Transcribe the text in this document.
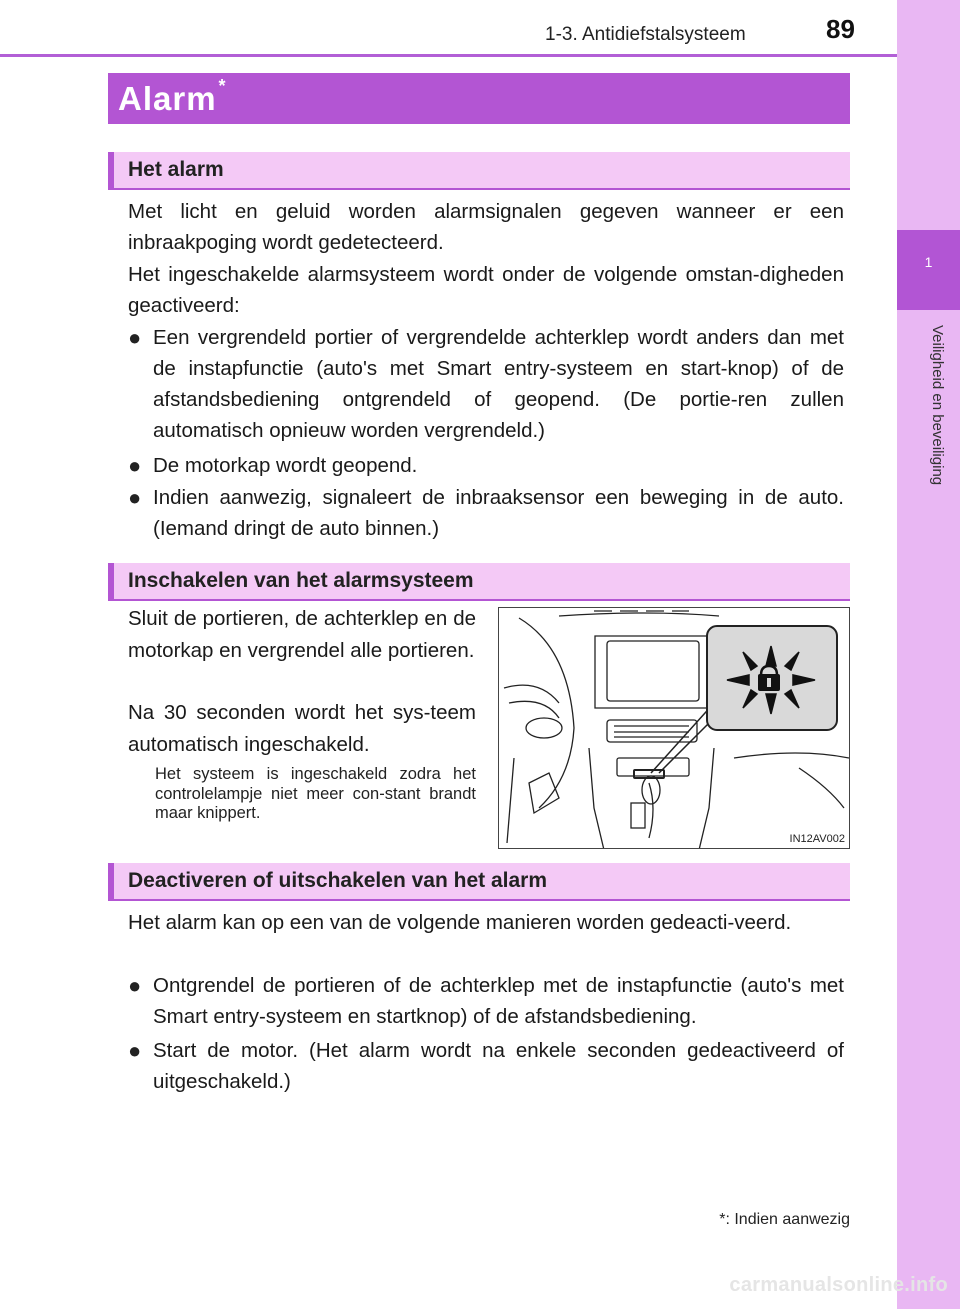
1-3. Antidiefstalsysteem	89
1
Veiligheid en beveiliging
Alarm *
Het alarm
Met licht en geluid worden alarmsignalen gegeven wanneer er een inbraakpoging wordt gedetecteerd.
Het ingeschakelde alarmsysteem wordt onder de volgende omstan-digheden geactiveerd:
● Een vergrendeld portier of vergrendelde achterklep wordt anders dan met de instapfunctie (auto's met Smart entry-systeem en start-knop) of de afstandsbediening ontgrendeld of geopend. (De portie-ren zullen automatisch opnieuw worden vergrendeld.)
● De motorkap wordt geopend.
● Indien aanwezig, signaleert de inbraaksensor een beweging in de auto. (Iemand dringt de auto binnen.)
Inschakelen van het alarmsysteem
Sluit de portieren, de achterklep en de motorkap en vergrendel alle portieren.
Na 30 seconden wordt het sys-teem automatisch ingeschakeld.
Het systeem is ingeschakeld zodra het controlelampje niet meer con-stant brandt maar knippert.
IN12AV002
Deactiveren of uitschakelen van het alarm
Het alarm kan op een van de volgende manieren worden gedeacti-veerd.
● Ontgrendel de portieren of de achterklep met de instapfunctie (auto's met Smart entry-systeem en startknop) of de afstandsbediening.
● Start de motor. (Het alarm wordt na enkele seconden gedeactiveerd of uitgeschakeld.)
*: Indien aanwezig
carmanualsonline.info
